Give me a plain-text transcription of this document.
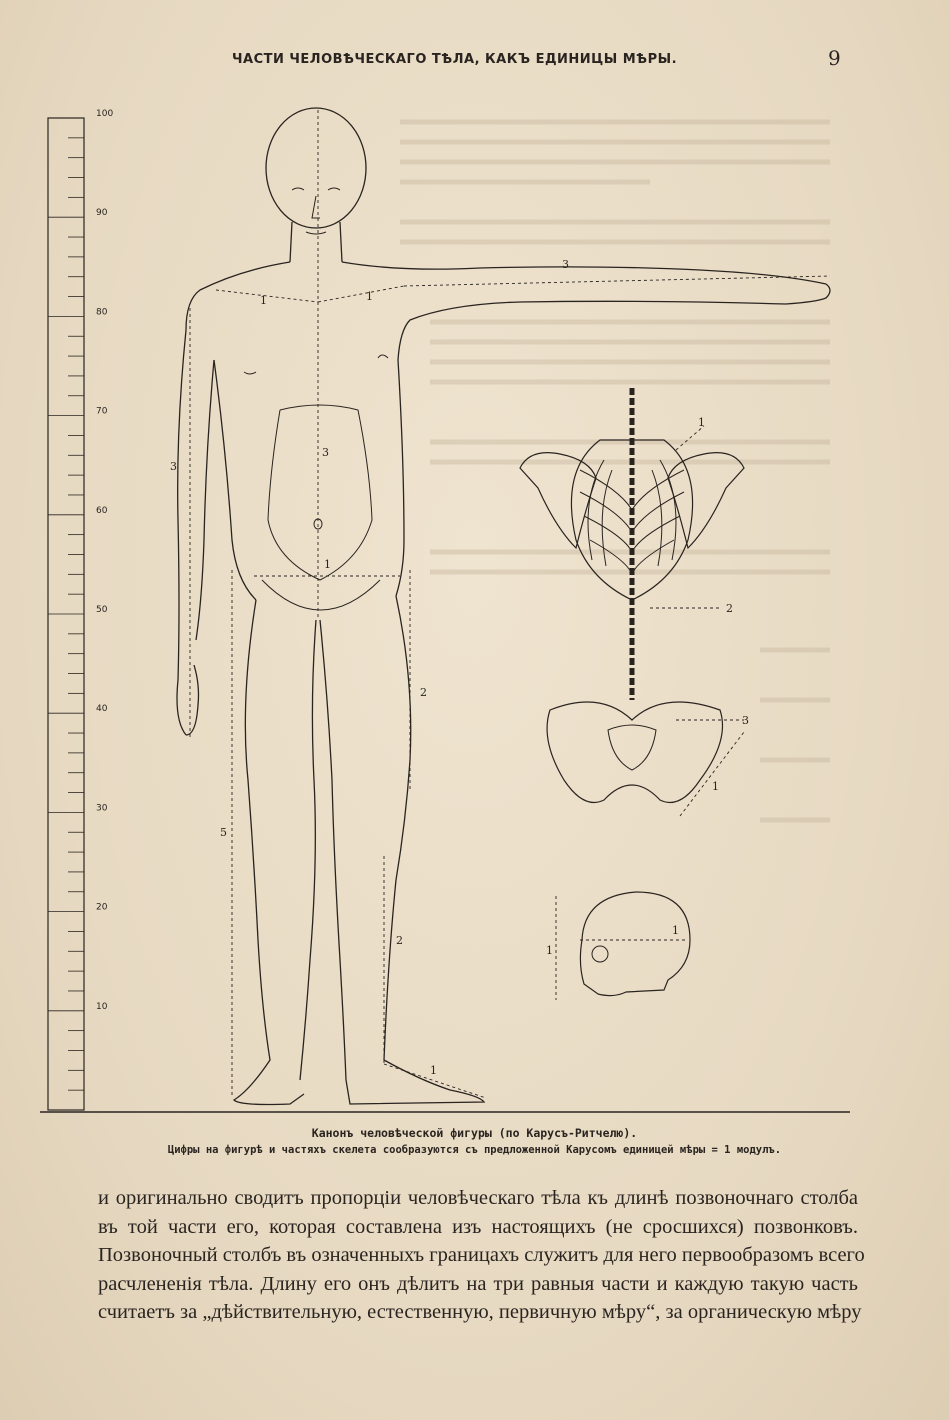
ЧАСТИ ЧЕЛОВѢЧЕСКАГО ТѢЛА, КАКЪ ЕДИНИЦЫ МѢРЫ.	9
100
90
80
70
60
50
40
30
20
10
1	1
3
3
3
1
2
2
5
1
1
2
3
1
1
1
Канонъ человѣческой фигуры (по Карусъ-Ритчелю).
Цифры на фигурѣ и частяхъ скелета сообразуются съ предложенной Карусомъ единицей мѣры = 1 модулъ.
и оригинально сводитъ пропорціи человѣческаго тѣла къ длинѣ позвоночнаго столба
въ той части его, которая составлена изъ настоящихъ (не сросшихся) позвонковъ.
Позвоночный столбъ въ означенныхъ границахъ служитъ для него первообразомъ всего
расчлененія тѣла. Длину его онъ дѣлитъ на три равныя части и каждую такую часть
считаетъ за „дѣйствительную, естественную, первичную мѣру“, за органическую мѣру
